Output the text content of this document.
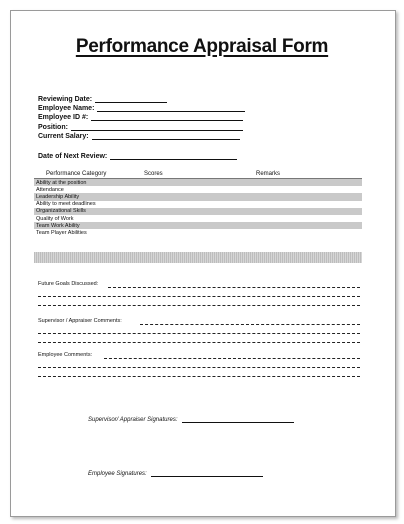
Performance Appraisal Form
Reviewing Date:
Employee Name:
Employee ID #:
Position:
Current Salary:
Date of Next Review:
Performance Category	Scores	Remarks
Ability at the position		
Attendance		
Leadership Ability		
Ability to meet deadlines		
Organizational Skills		
Quality of Work		
Team Work Ability		
Team Player Abilities		
Future Goals Discussed:
Supervisor / Appraiser Comments:
Employee Comments:
Supervisor/ Appraiser Signatures:
Employee Signatures:
